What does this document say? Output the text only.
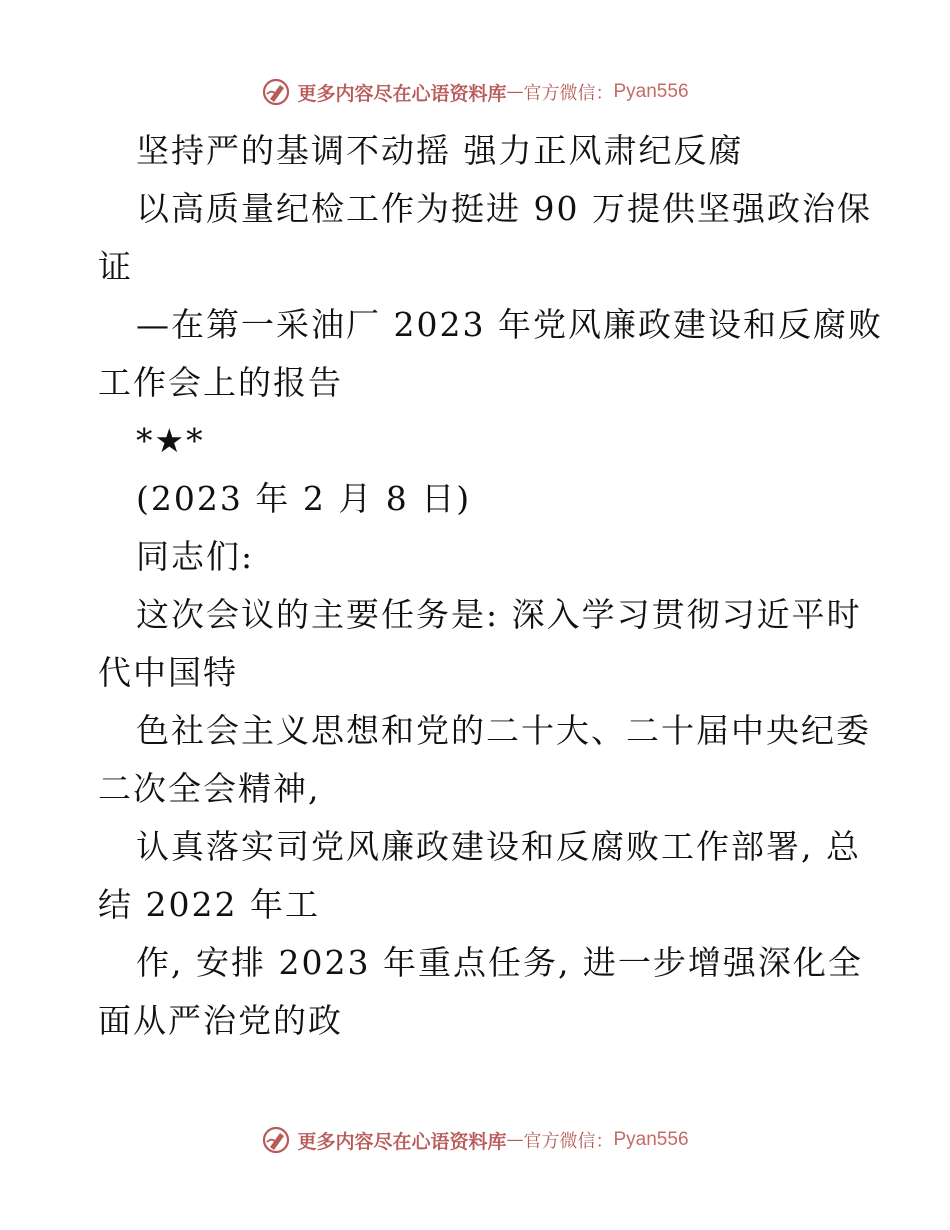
更多内容尽在心语资料库 — 官方微信： Pyan556
坚持严的基调不动摇 强力正风肃纪反腐
以高质量纪检工作为挺进 90 万提供坚强政治保
证
—在第一采油厂 2023 年党风廉政建设和反腐败
工作会上的报告
*★*
(2023 年 2 月 8 日)
同志们:
这次会议的主要任务是: 深入学习贯彻习近平时
代中国特
色社会主义思想和党的二十大、二十届中央纪委
二次全会精神,
认真落实司党风廉政建设和反腐败工作部署, 总
结 2022 年工
作, 安排 2023 年重点任务, 进一步增强深化全
面从严治党的政
更多内容尽在心语资料库 — 官方微信： Pyan556
